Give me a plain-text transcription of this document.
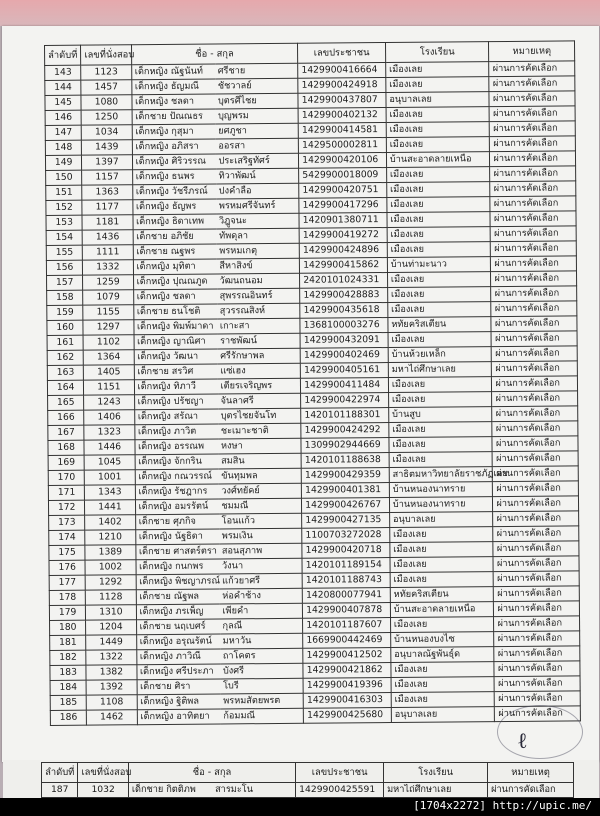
ลำดับที่	เลขที่นั่งสอบ	ชื่อ - สกุล		เลขประชาชน	โรงเรียน	หมายเหตุ
143	1123	เด็กหญิง ณัฐนันท์	ศรีชาย	1429900416664	เมืองเลย	ผ่านการคัดเลือก
144	1457	เด็กหญิง ธัญมณี	ชัชวาลย์	1429900424918	เมืองเลย	ผ่านการคัดเลือก
145	1080	เด็กหญิง ชลดา	บุตรศีไชย	1429900437807	อนุบาลเลย	ผ่านการคัดเลือก
146	1250	เด็กชาย ปัณณธร	บุญพรม	1429900402132	เมืองเลย	ผ่านการคัดเลือก
147	1034	เด็กหญิง กุสุมา	ยศภูชา	1429900414581	เมืองเลย	ผ่านการคัดเลือก
148	1439	เด็กหญิง อภิสรา	ออรสา	1429500002811	เมืองเลย	ผ่านการคัดเลือก
149	1397	เด็กหญิง ศิริวรรณ	ประเสริฐทัศร์	1429900420106	บ้านสะอาดลายเหนือ	ผ่านการคัดเลือก
150	1157	เด็กหญิง ธนพร	ทิวาพัฒน์	5429900018009	เมืองเลย	ผ่านการคัดเลือก
151	1363	เด็กหญิง วัชรีภรณ์	ปงคำลือ	1429900420751	เมืองเลย	ผ่านการคัดเลือก
152	1177	เด็กหญิง ธัญพร	พรหมศรีจันทร์	1429900417296	เมืองเลย	ผ่านการคัดเลือก
153	1181	เด็กหญิง ธิดาเทพ	วิฎูจนะ	1420901380711	เมืองเลย	ผ่านการคัดเลือก
154	1436	เด็กชาย อภิชัย	ทัพดุลา	1429900419272	เมืองเลย	ผ่านการคัดเลือก
155	1111	เด็กชาย ณฐพร	พรหมเกตุ	1429900424896	เมืองเลย	ผ่านการคัดเลือก
156	1332	เด็กหญิง มุทิตา	สีหาสิงข์	1429900415862	บ้านท่ามะนาว	ผ่านการคัดเลือก
157	1259	เด็กหญิง ปุณณภูด	วัฒนถนอม	2420101024331	เมืองเลย	ผ่านการคัดเลือก
158	1079	เด็กหญิง ชลดา	สุพรรณอินทร์	1429900428883	เมืองเลย	ผ่านการคัดเลือก
159	1155	เด็กชาย ธนโชติ	สุวรรณสิงห์	1429900435618	เมืองเลย	ผ่านการคัดเลือก
160	1297	เด็กหญิง พิมพ์มาดา	เกาะสา	1368100003276	หทัยคริสเตียน	ผ่านการคัดเลือก
161	1102	เด็กหญิง ญาณิศา	ราชพัฒน์	1429900432091	เมืองเลย	ผ่านการคัดเลือก
162	1364	เด็กหญิง วัฒนา	ศรีรักษาพล	1429900402469	บ้านห้วยเหล็ก	ผ่านการคัดเลือก
163	1405	เด็กชาย สรวิศ	แซ่เฮง	1429900405161	มหาไถ่ศึกษาเลย	ผ่านการคัดเลือก
164	1151	เด็กหญิง ทิภาวี	เตียรเจริญพร	1429900411484	เมืองเลย	ผ่านการคัดเลือก
165	1243	เด็กหญิง ปรัชญา	จันลาศรี	1429900422974	เมืองเลย	ผ่านการคัดเลือก
166	1406	เด็กหญิง สรัณา	บุตรไชยจันโท	1420101188301	บ้านสูบ	ผ่านการคัดเลือก
167	1323	เด็กหญิง ภาวิต	ชะเมาะชาติ	1429900424292	เมืองเลย	ผ่านการคัดเลือก
168	1446	เด็กหญิง อรรณพ	หงษา	1309902944669	เมืองเลย	ผ่านการคัดเลือก
169	1045	เด็กหญิง จักกริน	สมสิน	1420101188638	เมืองเลย	ผ่านการคัดเลือก
170	1001	เด็กหญิง กณวรรณ์	ขันทุมพล	1429900429359	สาธิตมหาวิทยาลัยราชภัฏเลย	ผ่านการคัดเลือก
171	1343	เด็กหญิง รัชฎากร	วงศ์ทยัคย์	1429900401381	บ้านหนองนาทราย	ผ่านการคัดเลือก
172	1441	เด็กหญิง อมรรัตน์	ชมมณี	1429900426767	บ้านหนองนาทราย	ผ่านการคัดเลือก
173	1402	เด็กชาย ศุภกิจ	โอนแก้ว	1429900427135	อนุบาลเลย	ผ่านการคัดเลือก
174	1210	เด็กหญิง นัฐธิดา	พรมเงิน	1100703272028	เมืองเลย	ผ่านการคัดเลือก
175	1389	เด็กชาย ศาสตร์ตรา	สอนสุภาพ	1429900420718	เมืองเลย	ผ่านการคัดเลือก
176	1002	เด็กหญิง กนกพร	วังนา	1420101189154	เมืองเลย	ผ่านการคัดเลือก
177	1292	เด็กหญิง พิชญาภรณ์	แก้วยาศรี	1420101188743	เมืองเลย	ผ่านการคัดเลือก
178	1128	เด็กชาย ณัฐพล	ห่อคำช้าง	1420800077941	หทัยคริสเตียน	ผ่านการคัดเลือก
179	1310	เด็กหญิง ภรเพ็ญ	เพียคำ	1429900407878	บ้านสะอาดลายเหนือ	ผ่านการคัดเลือก
180	1204	เด็กชาย นฤเบศร์	กุลณี	1420101187607	เมืองเลย	ผ่านการคัดเลือก
181	1449	เด็กหญิง อรุณรัตน์	มหาวัน	1669900442469	บ้านหนองบงไซ	ผ่านการคัดเลือก
182	1322	เด็กหญิง ภาวิณี	ถาโคตร	1429900412502	อนุบาลณัฐพันธุ์ด	ผ่านการคัดเลือก
183	1382	เด็กหญิง ศรีประภา	บังศรี	1429900421862	เมืองเลย	ผ่านการคัดเลือก
184	1392	เด็กชาย ศิรา	โบรี	1429900419396	เมืองเลย	ผ่านการคัดเลือก
185	1108	เด็กหญิง ฐิติพล	พรหมสัตยพรต	1429900416303	เมืองเลย	ผ่านการคัดเลือก
186	1462	เด็กหญิง อาทิตยา	ก้อมมณี	1429900425680	อนุบาลเลย	ผ่านการคัดเลือก
ℓ
ลำดับที่	เลขที่นั่งสอบ	ชื่อ - สกุล		เลขประชาชน	โรงเรียน	หมายเหตุ
187	1032	เด็กชาย กิตติภพ	สารมะโน	1429900425591	มหาไถ่ศึกษาเลย	ผ่านการคัดเลือก
[1704x2272] http://upic.me/
